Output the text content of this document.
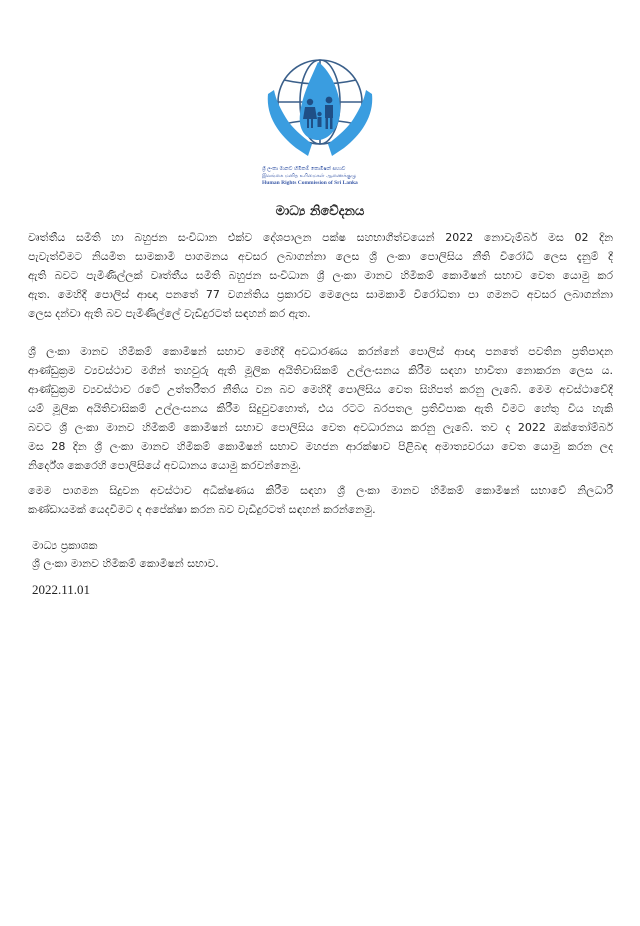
ශ්‍රී ලංකා මානව හිමිකම් කොමිෂන් සභාව
இலங்கை மனித உரிமைகள் ஆணைக்குழு
Human Rights Commission of Sri Lanka
මාධ්‍ය නිවේදනය
වෘත්තීය සමිති හා බහුජන සංවිධාන එක්ව දේශපාලන පක්ෂ සහභාගීත්වයෙන් 2022 නොවැම්බර් මස 02 දින
පැවැත්වීමට නියමිත සාමකාමී පාගමනය අවසර ලබාගන්නා ලෙස ශ්‍රී ලංකා පොලිසිය නීති විරෝධී ලෙස දැනුම් දී
ඇති බවට පැමිණිල්ලක් වෘත්තීය සමිති බහුජන සංවිධාන ශ්‍රී ලංකා මානව හිමිකම් කොමිෂන් සභාව වෙත යොමු කර
ඇත. මෙහිදී පොලිස් ආඥා පනතේ 77 වගන්තිය ප්‍රකාරව මෙලෙස සාමකාමී විරෝධතා පා ගමනට අවසර ලබාගන්නා
ලෙස දන්වා ඇති බව පැමිණිල්ලේ වැඩිදුරටත් සඳහන් කර ඇත.
ශ්‍රී ලංකා මානව හිමිකම් කොමිෂන් සභාව මෙහිදී අවධාරණය කරන්නේ පොලිස් ආඥා පනතේ පවතින ප්‍රතිපාදන
ආණ්ඩුක්‍රම ව්‍යවස්ථාව මගින් තහවුරු ඇති මූලික අයිතිවාසිකම් උල්ලංඝනය කිරීම සඳහා භාවිතා නොකරන ලෙස ය.
ආණ්ඩුක්‍රම ව්‍යවස්ථාව රටේ උත්තරීතර නීතිය වන බව මෙහිදී පොලිසිය වෙත සිහිපත් කරනු ලැබේ. මෙම අවස්ථාවේදී
යම් මූලික අයිතිවාසිකම් උල්ලංඝනය කිරීම සිදුවුවහොත්, එය රටට බරපතල ප්‍රතිවිපාක ඇති වීමට හේතු විය හැකි
බවට ශ්‍රී ලංකා මානව හිමිකම් කොමිෂන් සභාව පොලිසිය වෙත අවධාරනය කරනු ලැබේ. තව ද 2022 ඔක්තෝම්බර්
මස 28 දින ශ්‍රී ලංකා මානව හිමිකම් කොමිෂන් සභාව මහජන ආරක්ෂාව පිළිබඳ අමාත්‍යවරයා වෙත යොමු කරන ලද
නිර්දේශ කෙරෙහි පොලිසියේ අවධානය යොමු කරවන්නෙමු.
මෙම පාගමන සිදුවන අවස්ථාව අධීක්ෂණය කිරීම සඳහා ශ්‍රී ලංකා මානව හිමිකම් කොමිෂන් සභාවේ නිලධාරී
කණ්ඩායමක් යෙදවීමට ද අපේක්ෂා කරන බව වැඩිදුරටත් සඳහන් කරන්නෙමු.
මාධ්‍ය ප්‍රකාශක
ශ්‍රී ලංකා මානව හිමිකම් කොමිෂන් සභාව.
2022.11.01
